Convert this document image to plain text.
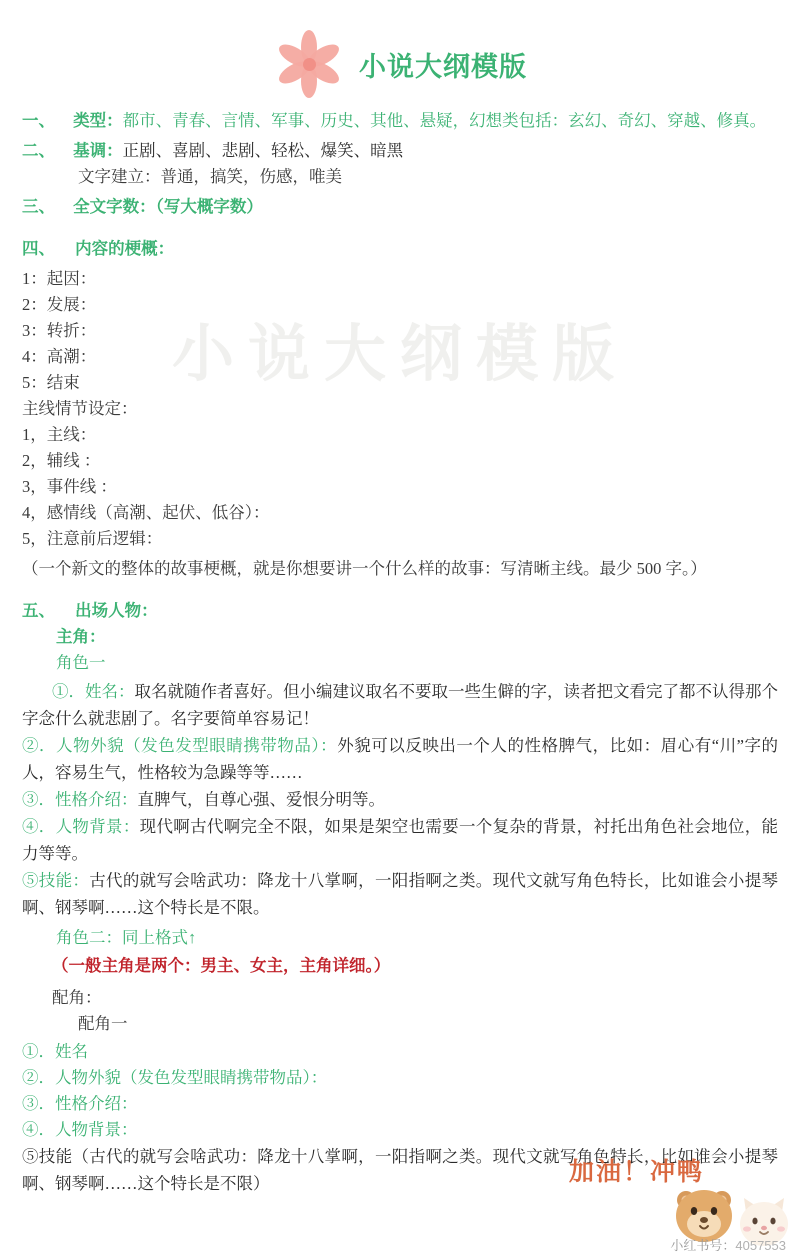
小说大纲模版
小说大纲模版
一、 类型：都市、青春、言情、军事、历史、其他、悬疑，幻想类包括：玄幻、奇幻、穿越、修真。
二、 基调：正剧、喜剧、悲剧、轻松、爆笑、暗黑
文字建立：普通，搞笑，伤感，唯美
三、 全文字数：（写大概字数）
四、 内容的梗概：
1：起因：
2：发展：
3：转折：
4：高潮：
5：结束
主线情节设定：
1，主线：
2，辅线 ：
3，事件线 ：
4，感情线（高潮、起伏、低谷）：
5，注意前后逻辑：
（一个新文的整体的故事梗概，就是你想要讲一个什么样的故事：写清晰主线。最少 500 字。）
五、 出场人物：
主角：
角色一
①．姓名：取名就随作者喜好。但小编建议取名不要取一些生僻的字，读者把文看完了都不认得那个字念什么就悲剧了。名字要简单容易记！
②．人物外貌（发色发型眼睛携带物品）：外貌可以反映出一个人的性格脾气，比如：眉心有“川”字的人，容易生气，性格较为急躁等等……
③．性格介绍：直脾气，自尊心强、爱恨分明等。
④．人物背景：现代啊古代啊完全不限，如果是架空也需要一个复杂的背景，衬托出角色社会地位，能力等等。
⑤技能：古代的就写会啥武功：降龙十八掌啊，一阳指啊之类。现代文就写角色特长，比如谁会小提琴啊、钢琴啊……这个特长是不限。
角色二：同上格式↑
（一般主角是两个：男主、女主，主角详细。）
配角：
配角一
①．姓名
②．人物外貌（发色发型眼睛携带物品）：
③．性格介绍：
④．人物背景：
⑤技能（古代的就写会啥武功：降龙十八掌啊，一阳指啊之类。现代文就写角色特长，比如谁会小提琴啊、钢琴啊……这个特长是不限）	加油！冲鸭
小红书号：4057553
